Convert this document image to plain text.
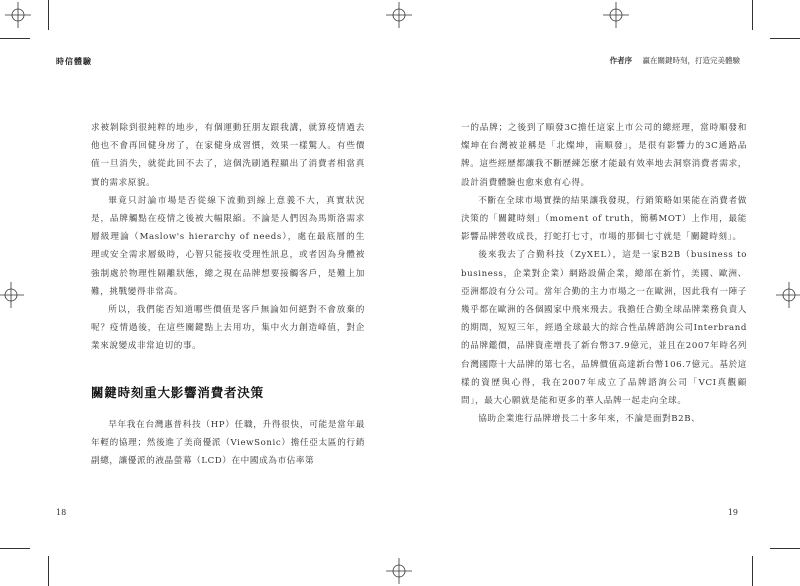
時信體驗	作者序 贏在關鍵時刻，打造完美體驗

求被剝除到很純粹的地步，有個運動狂朋友跟我講，就算疫情過去他也不會再回健身房了，在家健身成習慣，效果一樣驚人。有些價值一旦消失，就從此回不去了，這個洗刷過程顯出了消費者相當真實的需求原貌。

畢竟只討論市場是否從線下流動到線上意義不大，真實狀況是，品牌觸點在疫情之後被大幅限縮。不論是人們因為馬斯洛需求層級理論（Maslow's hierarchy of needs），處在最底層的生理或安全需求層級時，心智只能接收受理性訊息，或者因為身體被強制處於物理性隔離狀態，總之現在品牌想要接觸客戶，是難上加難，挑戰變得非常高。

所以，我們能否知道哪些價值是客戶無論如何絕對不會放棄的呢？疫情過後，在這些關鍵點上去用功，集中火力創造峰值，對企業來說變成非常迫切的事。

關鍵時刻重大影響消費者決策

早年我在台灣惠普科技（HP）任職，升得很快，可能是當年最年輕的協理；然後進了美商優派（ViewSonic）擔任亞太區的行銷副總，讓優派的液晶螢幕（LCD）在中國成為市佔率第

18

一的品牌；之後到了順發3C擔任這家上市公司的總經理，當時順發和燦坤在台灣被並稱是「北燦坤，南順發」，是很有影響力的3C通路品牌。這些經歷都讓我不斷歷練怎麼才能最有效率地去洞察消費者需求，設計消費體驗也愈來愈有心得。

不斷在全球市場實操的結果讓我發現，行銷策略如果能在消費者做決策的「關鍵時刻」（moment of truth，簡稱MOT）上作用，最能影響品牌營收成長，打蛇打七寸，市場的那個七寸就是「關鍵時刻」。

後來我去了合勤科技（ZyXEL），這是一家B2B（business to business，企業對企業）網路設備企業，總部在新竹，美國、歐洲、亞洲都設有分公司。當年合勤的主力市場之一在歐洲，因此我有一陣子幾乎都在歐洲的各個國家中飛來飛去。我擔任合勤全球品牌業務負責人的期間，短短三年，經過全球最大的綜合性品牌諮詢公司Interbrand的品牌鑑價，品牌資產增長了新台幣37.9億元，並且在2007年時名列台灣國際十大品牌的第七名，品牌價值高達新台幣106.7億元。基於這樣的資歷與心得，我在2007年成立了品牌諮詢公司「VCI真觀顧問」，最大心願就是能和更多的華人品牌一起走向全球。

協助企業進行品牌增長二十多年來，不論是面對B2B、

19
